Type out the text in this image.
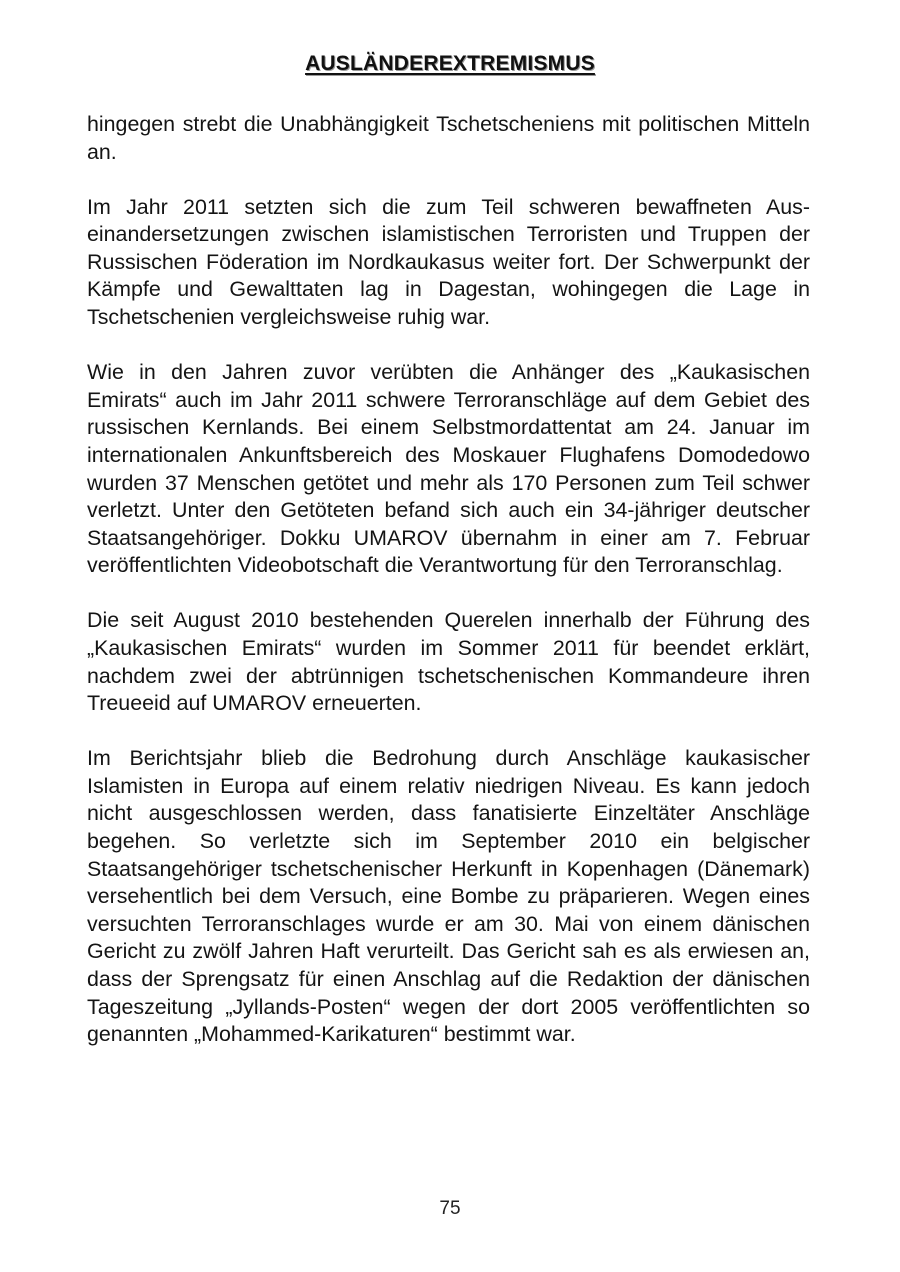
AUSLÄNDEREXTREMISMUS

hingegen strebt die Unabhängigkeit Tschetscheniens mit politischen Mitteln an.

Im Jahr 2011 setzten sich die zum Teil schweren bewaffneten Auseinandersetzungen zwischen islamistischen Terroristen und Truppen der Russischen Föderation im Nordkaukasus weiter fort. Der Schwerpunkt der Kämpfe und Gewalttaten lag in Dagestan, wohingegen die Lage in Tschetschenien vergleichsweise ruhig war.

Wie in den Jahren zuvor verübten die Anhänger des „Kaukasischen Emirats“ auch im Jahr 2011 schwere Terroranschläge auf dem Gebiet des russischen Kernlands. Bei einem Selbstmordattentat am 24. Januar im internationalen Ankunftsbereich des Moskauer Flughafens Domodedowo wurden 37 Menschen getötet und mehr als 170 Personen zum Teil schwer verletzt. Unter den Getöteten befand sich auch ein 34-jähriger deutscher Staatsangehöriger. Dokku UMAROV übernahm in einer am 7. Februar veröffentlichten Videobotschaft die Verantwortung für den Terroranschlag.

Die seit August 2010 bestehenden Querelen innerhalb der Führung des „Kaukasischen Emirats“ wurden im Sommer 2011 für beendet erklärt, nachdem zwei der abtrünnigen tschetschenischen Kommandeure ihren Treueeid auf UMAROV erneuerten.

Im Berichtsjahr blieb die Bedrohung durch Anschläge kaukasischer Islamisten in Europa auf einem relativ niedrigen Niveau. Es kann jedoch nicht ausgeschlossen werden, dass fanatisierte Einzeltäter Anschläge begehen. So verletzte sich im September 2010 ein belgischer Staatsangehöriger tschetschenischer Herkunft in Kopenhagen (Dänemark) versehentlich bei dem Versuch, eine Bombe zu präparieren. Wegen eines versuchten Terroranschlages wurde er am 30. Mai von einem dänischen Gericht zu zwölf Jahren Haft verurteilt. Das Gericht sah es als erwiesen an, dass der Sprengsatz für einen Anschlag auf die Redaktion der dänischen Tageszeitung „Jyllands-Posten“ wegen der dort 2005 veröffentlichten so genannten „Mohammed-Karikaturen“ bestimmt war.

75
